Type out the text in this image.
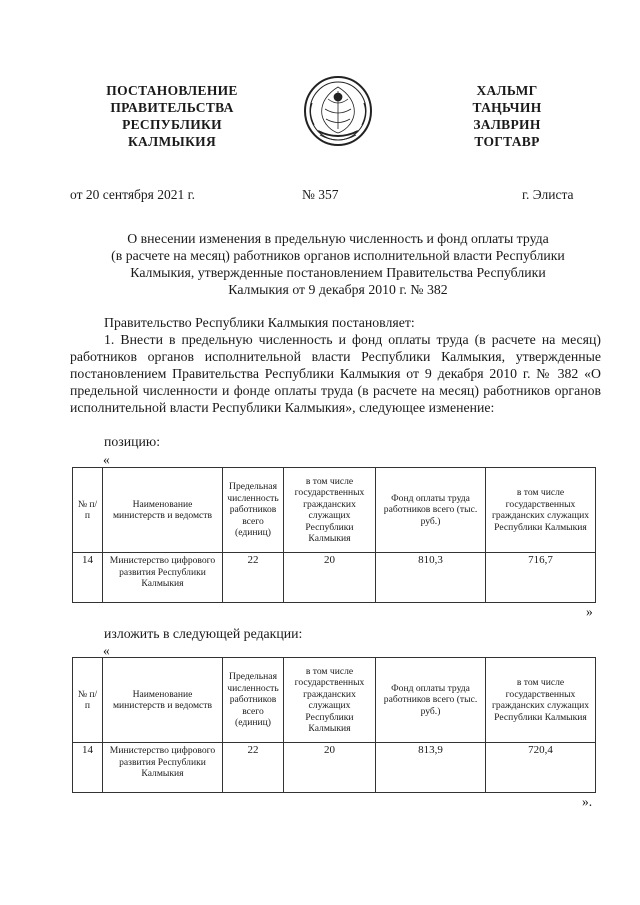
ПОСТАНОВЛЕНИЕ
ПРАВИТЕЛЬСТВА
РЕСПУБЛИКИ
КАЛМЫКИЯ
ХАЛЬМГ
ТАҢЬЧИН
ЗАЛВРИН
ТОГТАВР
от 20 сентября 2021 г.	№ 357	г. Элиста
О внесении изменения в предельную численность и фонд оплаты труда
(в расчете на месяц) работников органов исполнительной власти Республики
Калмыкия, утвержденные постановлением Правительства Республики
Калмыкия от 9 декабря 2010 г. № 382
Правительство Республики Калмыкия постановляет:
1. Внести в предельную численность и фонд оплаты труда (в расчете на месяц) работников органов исполнительной власти Республики Калмыкия, утвержденные постановлением Правительства Республики Калмыкия от 9 декабря 2010 г. № 382 «О предельной численности и фонде оплаты труда (в расчете на месяц) работников органов исполнительной власти Республики Калмыкия», следующее изменение:
позицию:
«
№ п/п	Наименование министерств и ведомств	Предельная численность работников всего (единиц)	в том числе государственных гражданских служащих Республики Калмыкия	Фонд оплаты труда работников всего (тыс. руб.)	в том числе государственных гражданских служащих Республики Калмыкия
14	Министерство цифрового развития Республики Калмыкия	22	20	810,3	716,7
»
изложить в следующей редакции:
«
№ п/п	Наименование министерств и ведомств	Предельная численность работников всего (единиц)	в том числе государственных гражданских служащих Республики Калмыкия	Фонд оплаты труда работников всего (тыс. руб.)	в том числе государственных гражданских служащих Республики Калмыкия
14	Министерство цифрового развития Республики Калмыкия	22	20	813,9	720,4
».
